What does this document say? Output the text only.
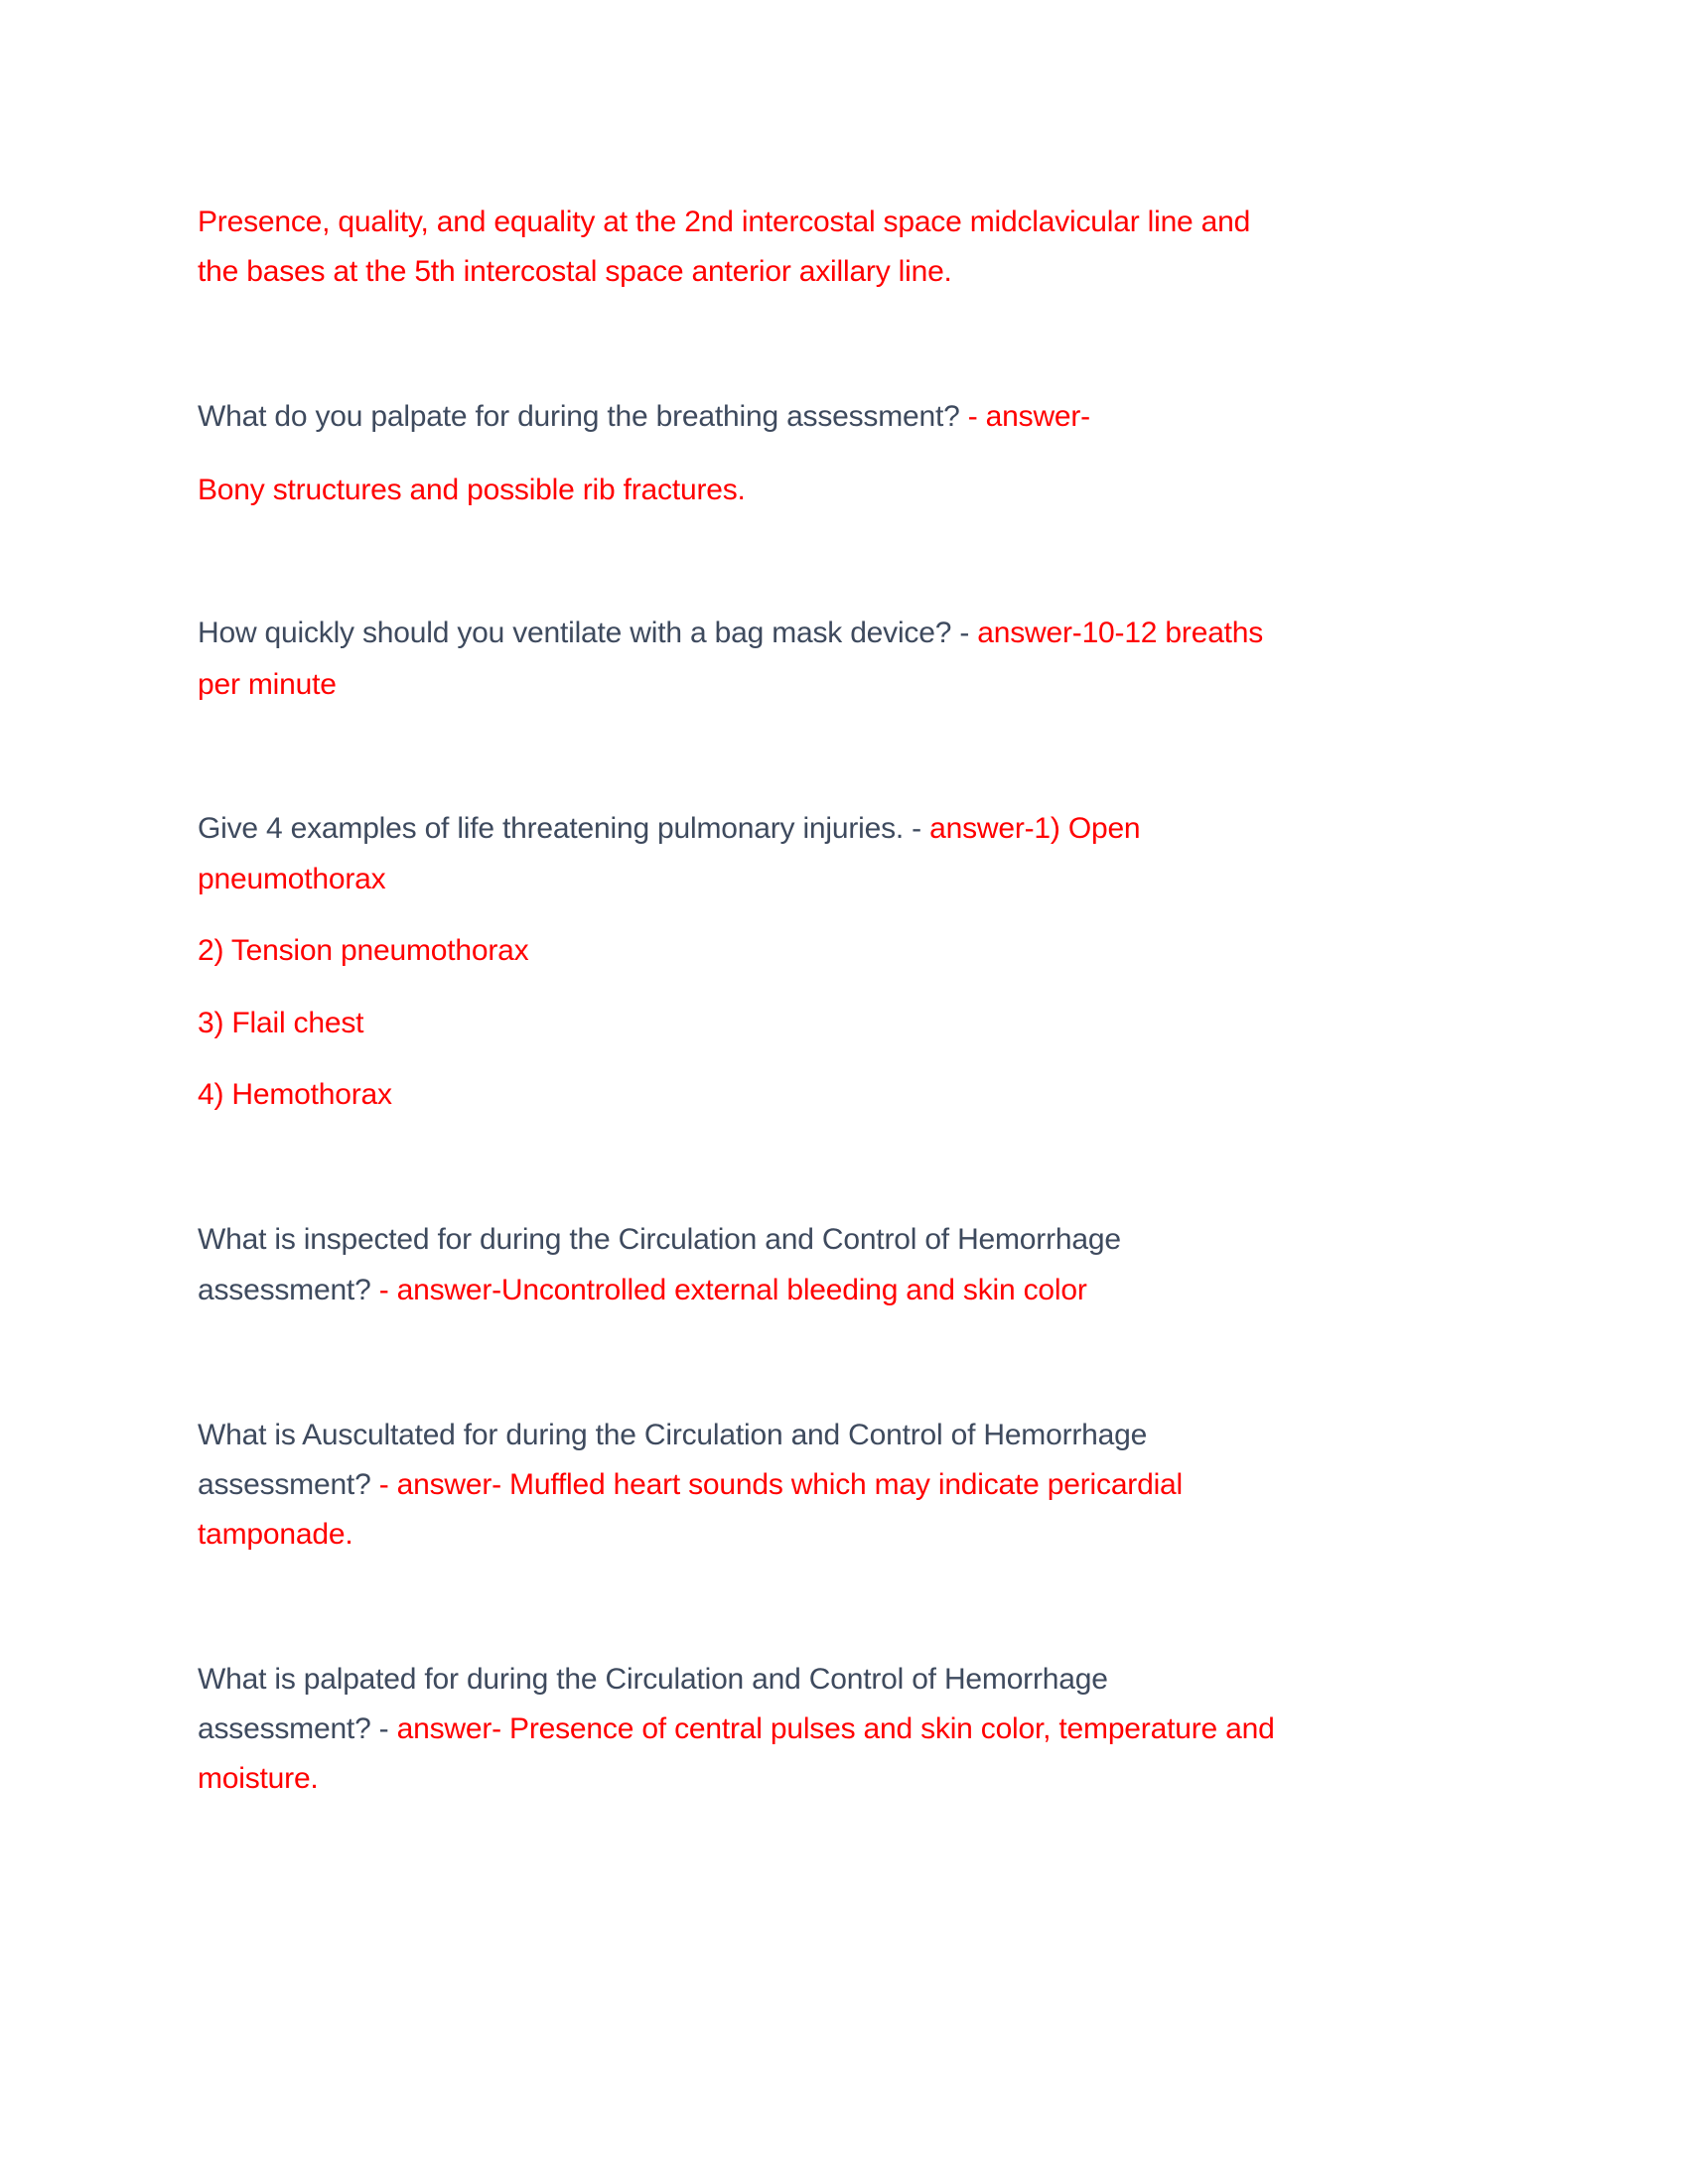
Presence, quality, and equality at the 2nd intercostal space midclavicular line and
the bases at the 5th intercostal space anterior axillary line.
What do you palpate for during the breathing assessment? - answer-
Bony structures and possible rib fractures.
How quickly should you ventilate with a bag mask device? - answer-10-12 breaths
per minute
Give 4 examples of life threatening pulmonary injuries. - answer-1) Open
pneumothorax
2) Tension pneumothorax
3) Flail chest
4) Hemothorax
What is inspected for during the Circulation and Control of Hemorrhage
assessment? - answer-Uncontrolled external bleeding and skin color
What is Auscultated for during the Circulation and Control of Hemorrhage
assessment? - answer- Muffled heart sounds which may indicate pericardial
tamponade.
What is palpated for during the Circulation and Control of Hemorrhage
assessment? - answer- Presence of central pulses and skin color, temperature and
moisture.
